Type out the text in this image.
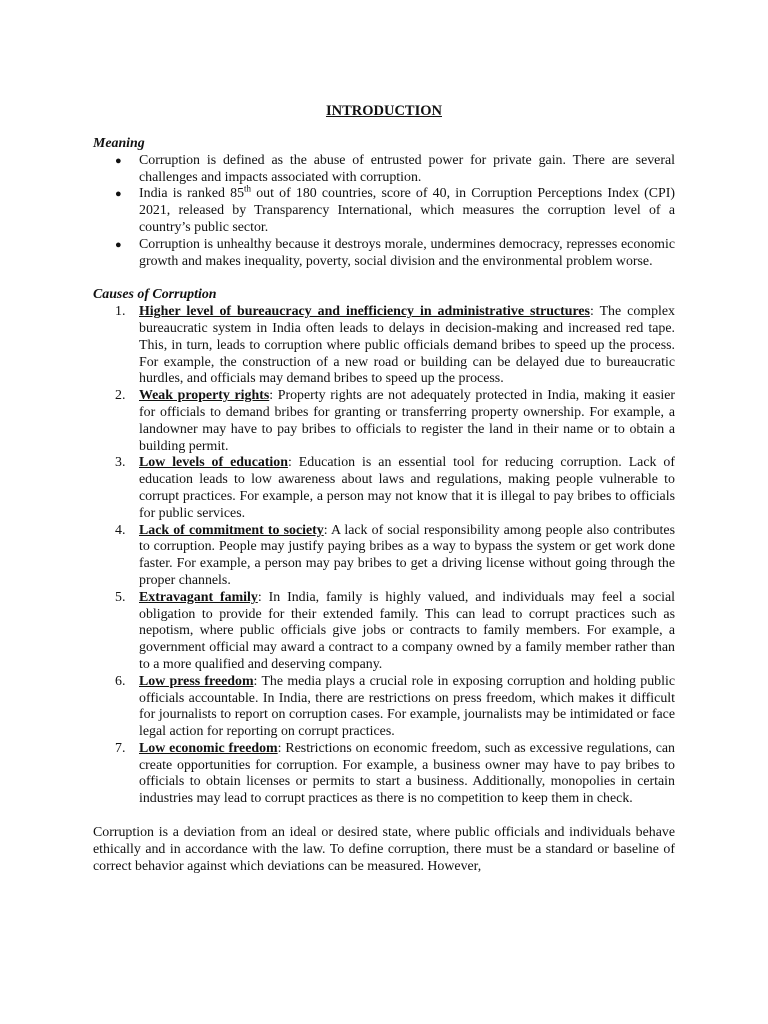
INTRODUCTION
Meaning
● Corruption is defined as the abuse of entrusted power for private gain. There are several challenges and impacts associated with corruption.
● India is ranked 85th out of 180 countries, score of 40, in Corruption Perceptions Index (CPI) 2021, released by Transparency International, which measures the corruption level of a country’s public sector.
● Corruption is unhealthy because it destroys morale, undermines democracy, represses economic growth and makes inequality, poverty, social division and the environmental problem worse.
Causes of Corruption
1. Higher level of bureaucracy and inefficiency in administrative structures: The complex bureaucratic system in India often leads to delays in decision-making and increased red tape. This, in turn, leads to corruption where public officials demand bribes to speed up the process. For example, the construction of a new road or building can be delayed due to bureaucratic hurdles, and officials may demand bribes to speed up the process.
2. Weak property rights: Property rights are not adequately protected in India, making it easier for officials to demand bribes for granting or transferring property ownership. For example, a landowner may have to pay bribes to officials to register the land in their name or to obtain a building permit.
3. Low levels of education: Education is an essential tool for reducing corruption. Lack of education leads to low awareness about laws and regulations, making people vulnerable to corrupt practices. For example, a person may not know that it is illegal to pay bribes to officials for public services.
4. Lack of commitment to society: A lack of social responsibility among people also contributes to corruption. People may justify paying bribes as a way to bypass the system or get work done faster. For example, a person may pay bribes to get a driving license without going through the proper channels.
5. Extravagant family: In India, family is highly valued, and individuals may feel a social obligation to provide for their extended family. This can lead to corrupt practices such as nepotism, where public officials give jobs or contracts to family members. For example, a government official may award a contract to a company owned by a family member rather than to a more qualified and deserving company.
6. Low press freedom: The media plays a crucial role in exposing corruption and holding public officials accountable. In India, there are restrictions on press freedom, which makes it difficult for journalists to report on corruption cases. For example, journalists may be intimidated or face legal action for reporting on corrupt practices.
7. Low economic freedom: Restrictions on economic freedom, such as excessive regulations, can create opportunities for corruption. For example, a business owner may have to pay bribes to officials to obtain licenses or permits to start a business. Additionally, monopolies in certain industries may lead to corrupt practices as there is no competition to keep them in check.

Corruption is a deviation from an ideal or desired state, where public officials and individuals behave ethically and in accordance with the law. To define corruption, there must be a standard or baseline of correct behavior against which deviations can be measured. However,
